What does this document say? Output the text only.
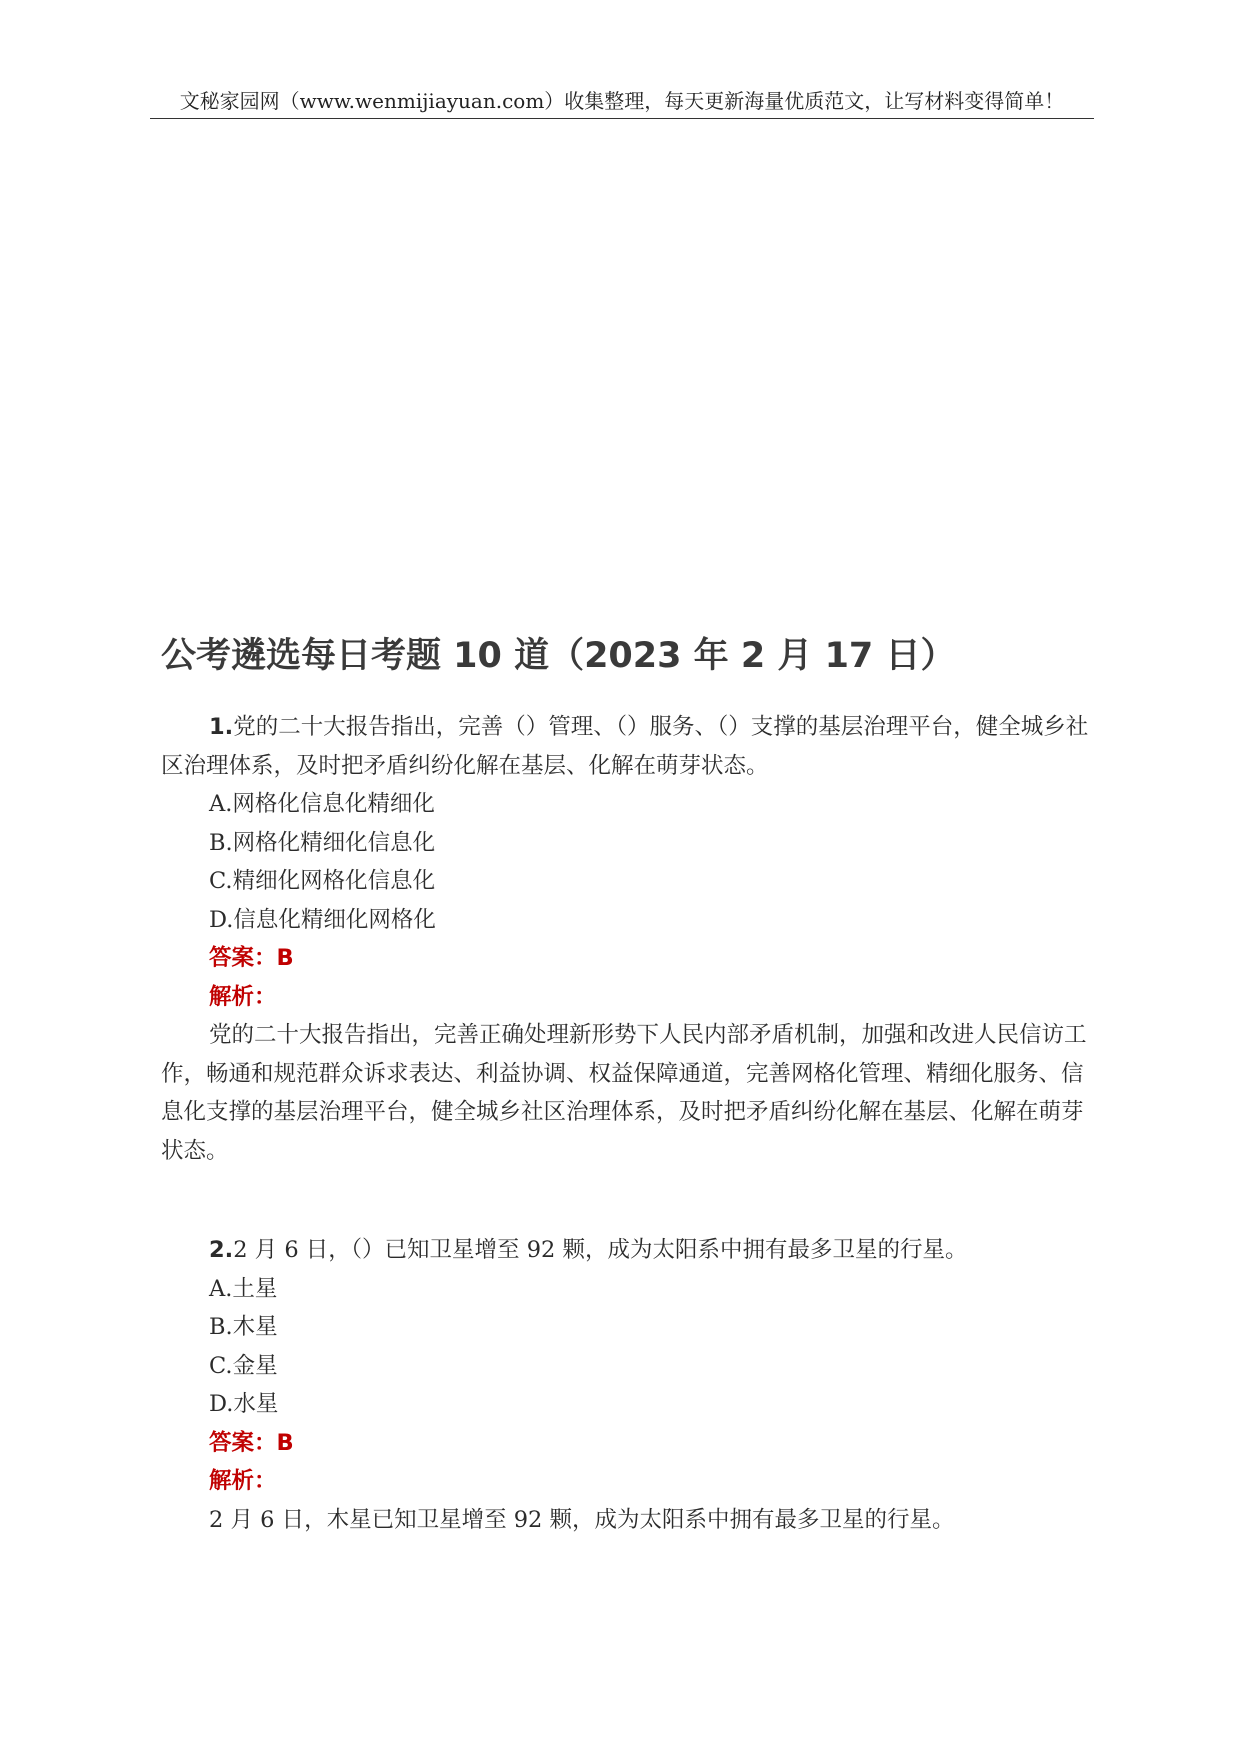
文秘家园网（www.wenmijiayuan.com）收集整理，每天更新海量优质范文，让写材料变得简单！
公考遴选每日考题 10 道（2023 年 2 月 17 日）

1.党的二十大报告指出，完善（）管理、（）服务、（）支撑的基层治理平台，健全城乡社区治理体系，及时把矛盾纠纷化解在基层、化解在萌芽状态。

A.网格化信息化精细化

B.网格化精细化信息化

C.精细化网格化信息化

D.信息化精细化网格化

答案：B

解析：

党的二十大报告指出，完善正确处理新形势下人民内部矛盾机制，加强和改进人民信访工作，畅通和规范群众诉求表达、利益协调、权益保障通道，完善网格化管理、精细化服务、信息化支撑的基层治理平台，健全城乡社区治理体系，及时把矛盾纠纷化解在基层、化解在萌芽状态。

2.2 月 6 日，（）已知卫星增至 92 颗，成为太阳系中拥有最多卫星的行星。

A.土星

B.木星

C.金星

D.水星

答案：B

解析：

2 月 6 日，木星已知卫星增至 92 颗，成为太阳系中拥有最多卫星的行星。
